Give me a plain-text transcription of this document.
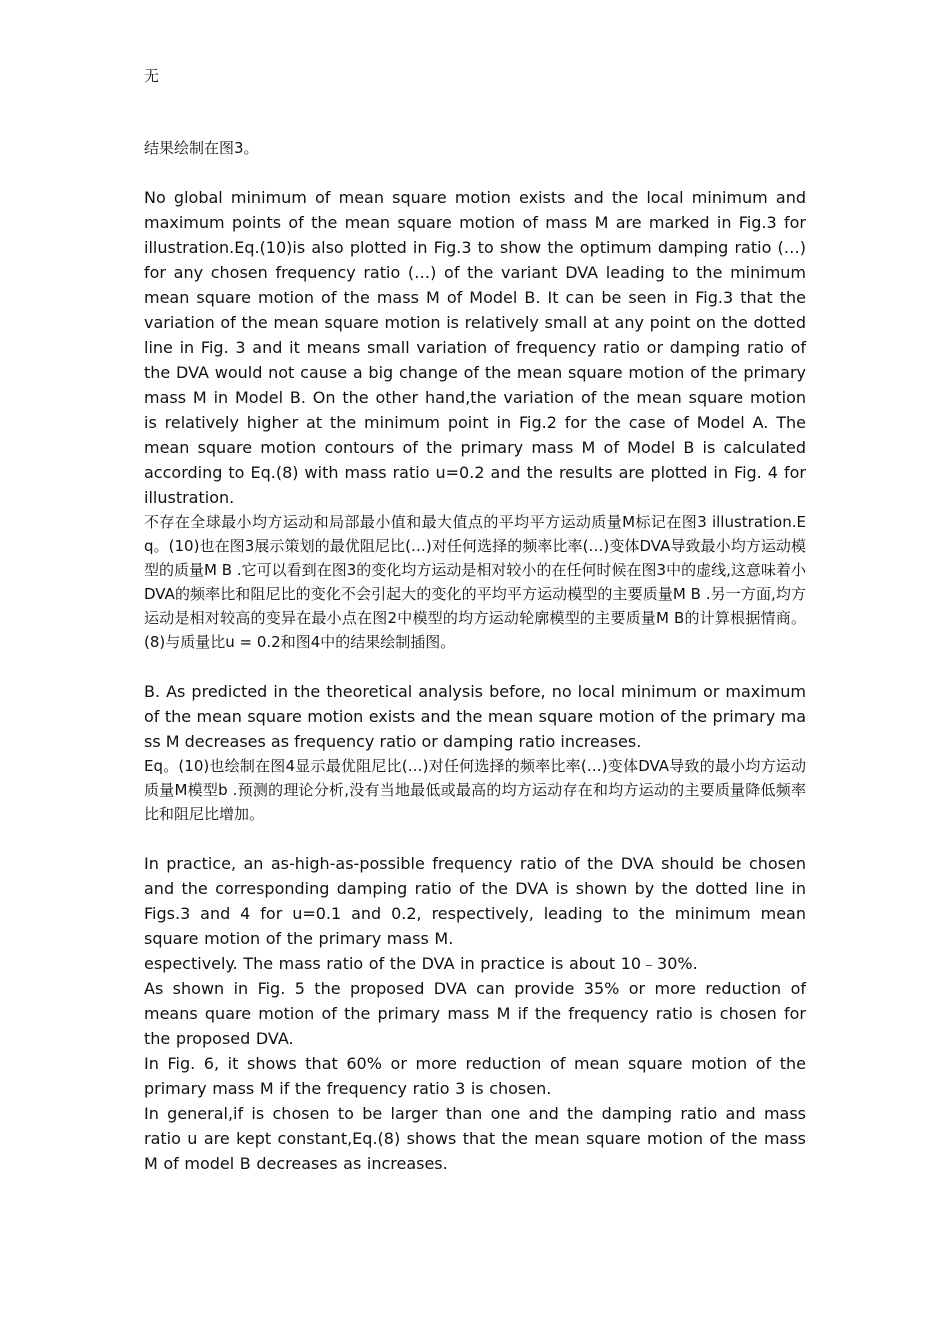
无

结果绘制在图3。

No global minimum of mean square motion exists and the local minimum and maximum points of the mean square motion of mass M are marked in Fig.3 for illustration.Eq.(10)is also plotted in Fig.3 to show the optimum damping ratio (…) for any chosen frequency ratio (…) of the variant DVA leading to the minimum mean square motion of the mass M of Model B. It can be seen in Fig.3 that the variation of the mean square motion is relatively small at any point on the dotted line in Fig. 3 and it means small variation of frequency ratio or damping ratio of the DVA would not cause a big change of the mean square motion of the primary mass M in Model B. On the other hand,the variation of the mean square motion is relatively higher at the minimum point in Fig.2 for the case of Model A. The mean square motion contours of the primary mass M of Model B is calculated according to Eq.(8) with mass ratio u=0.2 and the results are plotted in Fig. 4 for illustration.

不存在全球最小均方运动和局部最小值和最大值点的平均平方运动质量M标记在图3 illustration.Eq。(10)也在图3展示策划的最优阻尼比(…)对任何选择的频率比率(…)变体DVA导致最小均方运动模型的质量M B .它可以看到在图3的变化均方运动是相对较小的在任何时候在图3中的虚线,这意味着小DVA的频率比和阻尼比的变化不会引起大的变化的平均平方运动模型的主要质量M B .另一方面,均方运动是相对较高的变异在最小点在图2中模型的均方运动轮廓模型的主要质量M B的计算根据情商。(8)与质量比u = 0.2和图4中的结果绘制插图。

B. As predicted in the theoretical analysis before, no local minimum or maximum of the mean square motion exists and the mean square motion of the primary mass M decreases as frequency ratio or damping ratio increases.

Eq。(10)也绘制在图4显示最优阻尼比(…)对任何选择的频率比率(…)变体DVA导致的最小均方运动质量M模型b .预测的理论分析,没有当地最低或最高的均方运动存在和均方运动的主要质量降低频率比和阻尼比增加。

In practice, an as-high-as-possible frequency ratio of the DVA should be chosen and the corresponding damping ratio of the DVA is shown by the dotted line in Figs.3 and 4 for u=0.1 and 0.2, respectively, leading to the minimum mean square motion of the primary mass M.

espectively. The mass ratio of the DVA in practice is about 10﹣30%.

As shown in Fig. 5 the proposed DVA can provide 35% or more reduction of means quare motion of the primary mass M if the frequency ratio is chosen for the proposed DVA.

In Fig. 6, it shows that 60% or more reduction of mean square motion of the primary mass M if the frequency ratio 3 is chosen.

In general,if is chosen to be larger than one and the damping ratio and mass ratio u are kept constant,Eq.(8) shows that the mean square motion of the mass M of model B decreases as increases.
